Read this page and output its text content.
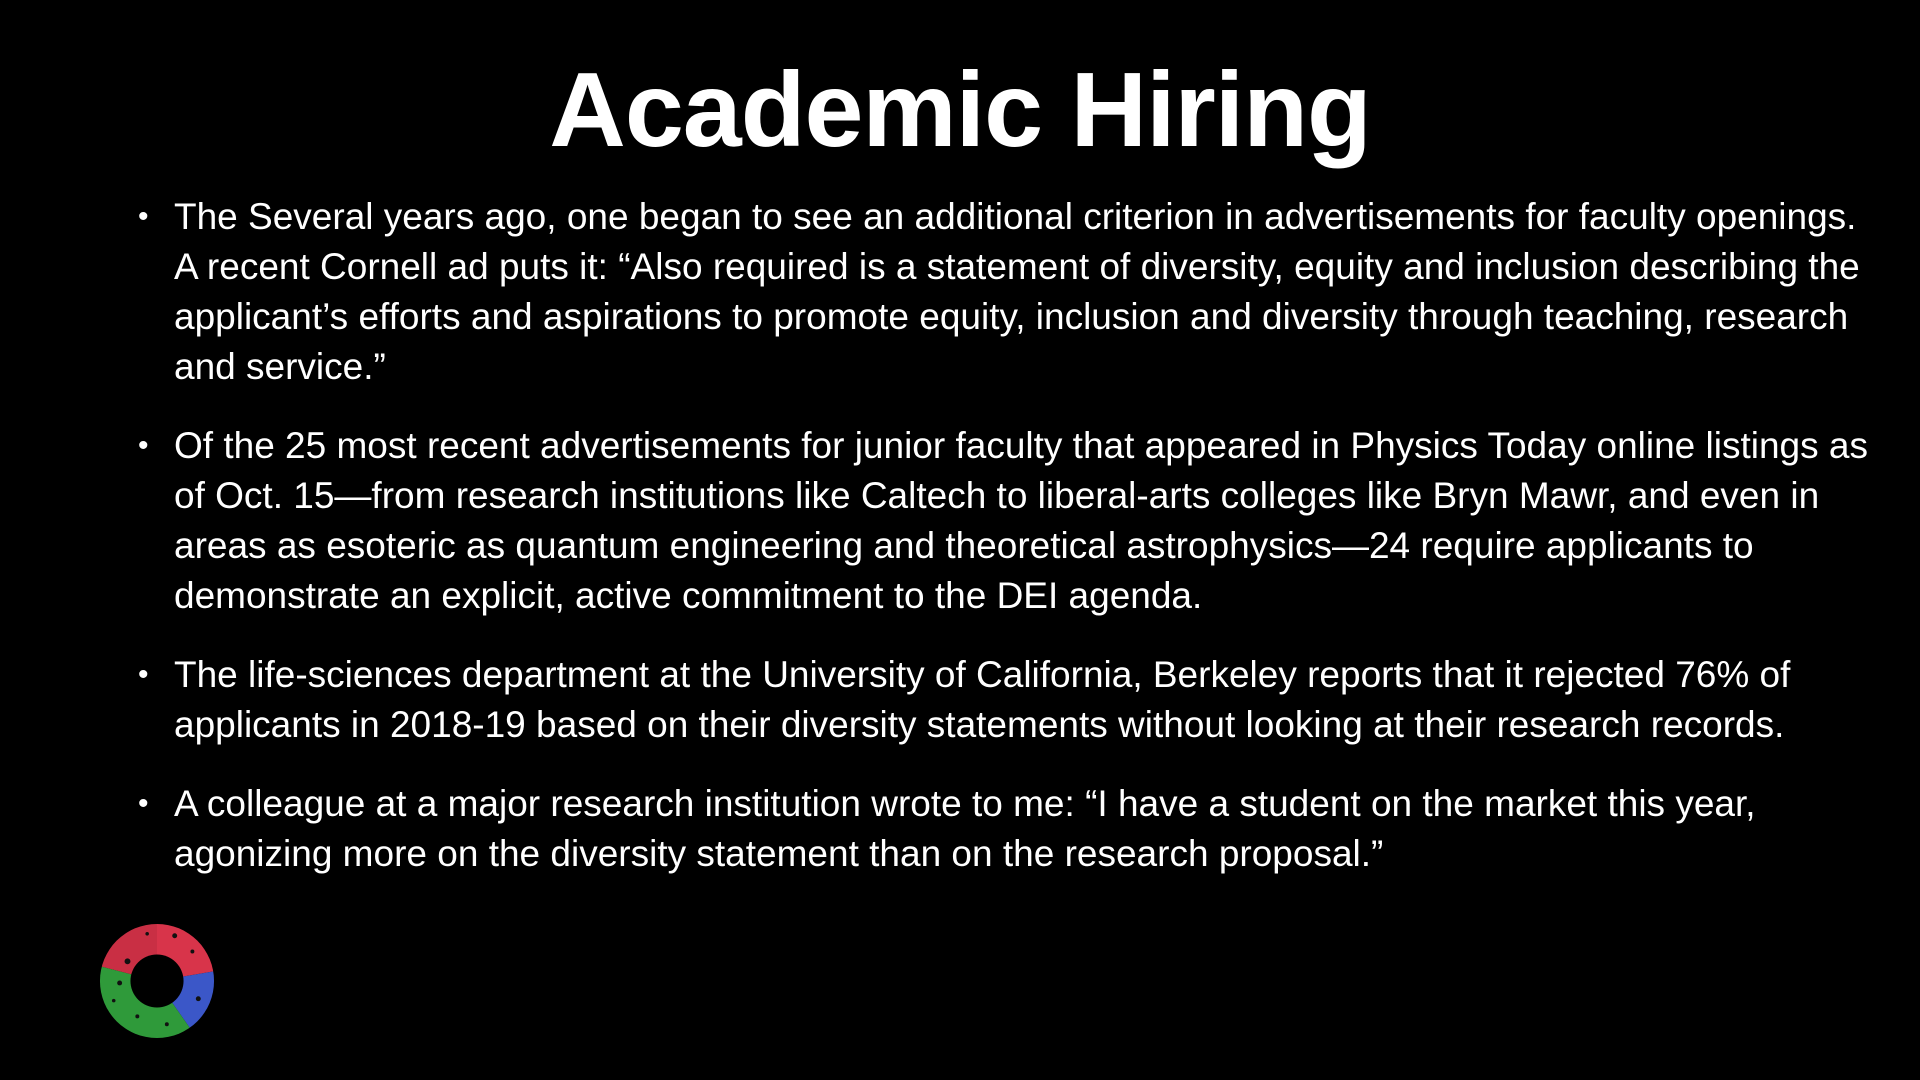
Academic Hiring
• The Several years ago, one began to see an additional criterion in advertisements for faculty openings. A recent Cornell ad puts it: “Also required is a statement of diversity, equity and inclusion describing the applicant’s efforts and aspirations to promote equity, inclusion and diversity through teaching, research and service.”
• Of the 25 most recent advertisements for junior faculty that appeared in Physics Today online listings as of Oct. 15—from research institutions like Caltech to liberal-arts colleges like Bryn Mawr, and even in areas as esoteric as quantum engineering and theoretical astrophysics—24 require applicants to demonstrate an explicit, active commitment to the DEI agenda.
• The life-sciences department at the University of California, Berkeley reports that it rejected 76% of applicants in 2018-19 based on their diversity statements without looking at their research records.
• A colleague at a major research institution wrote to me: “I have a student on the market this year, agonizing more on the diversity statement than on the research proposal.”
